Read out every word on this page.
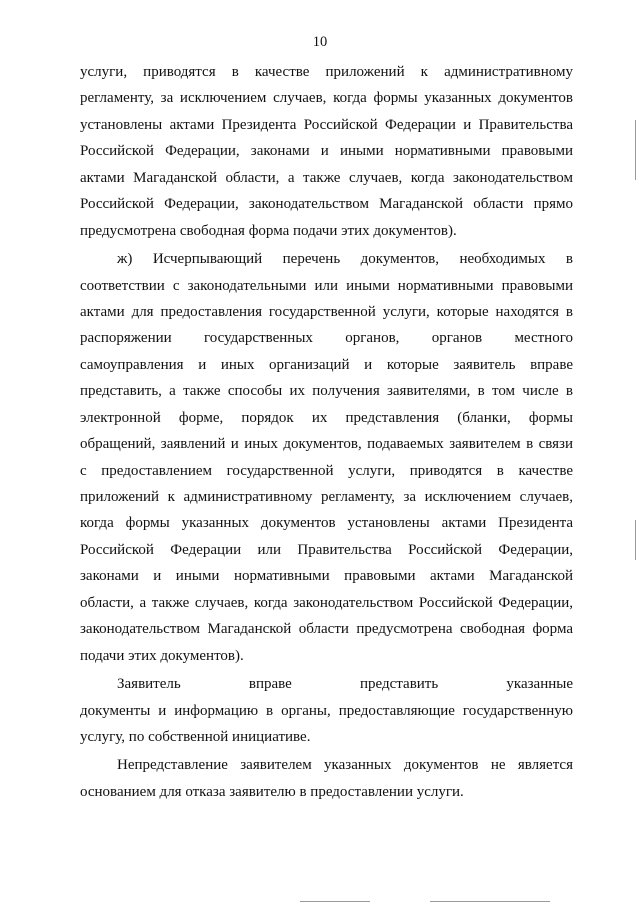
10
услуги, приводятся в качестве приложений к административному
регламенту, за исключением случаев, когда формы указанных документов
установлены актами Президента Российской Федерации и Правительства
Российской Федерации, законами и иными нормативными правовыми
актами Магаданской области, а также случаев, когда законодательством
Российской Федерации, законодательством Магаданской области прямо
предусмотрена свободная форма подачи этих документов).
ж) Исчерпывающий перечень документов, необходимых в
соответствии с законодательными или иными нормативными правовыми
актами для предоставления государственной услуги, которые находятся в
распоряжении государственных органов, органов местного
самоуправления и иных организаций и которые заявитель вправе
представить, а также способы их получения заявителями, в том числе в
электронной форме, порядок их представления (бланки, формы
обращений, заявлений и иных документов, подаваемых заявителем в связи
с предоставлением государственной услуги, приводятся в качестве
приложений к административному регламенту, за исключением случаев,
когда формы указанных документов установлены актами Президента
Российской Федерации или Правительства Российской Федерации,
законами и иными нормативными правовыми актами Магаданской
области, а также случаев, когда законодательством Российской Федерации,
законодательством Магаданской области предусмотрена свободная форма
подачи этих документов).
Заявитель вправе представить указанные
документы и информацию в органы, предоставляющие государственную
услугу, по собственной инициативе.
Непредставление заявителем указанных документов не является
основанием для отказа заявителю в предоставлении услуги.
